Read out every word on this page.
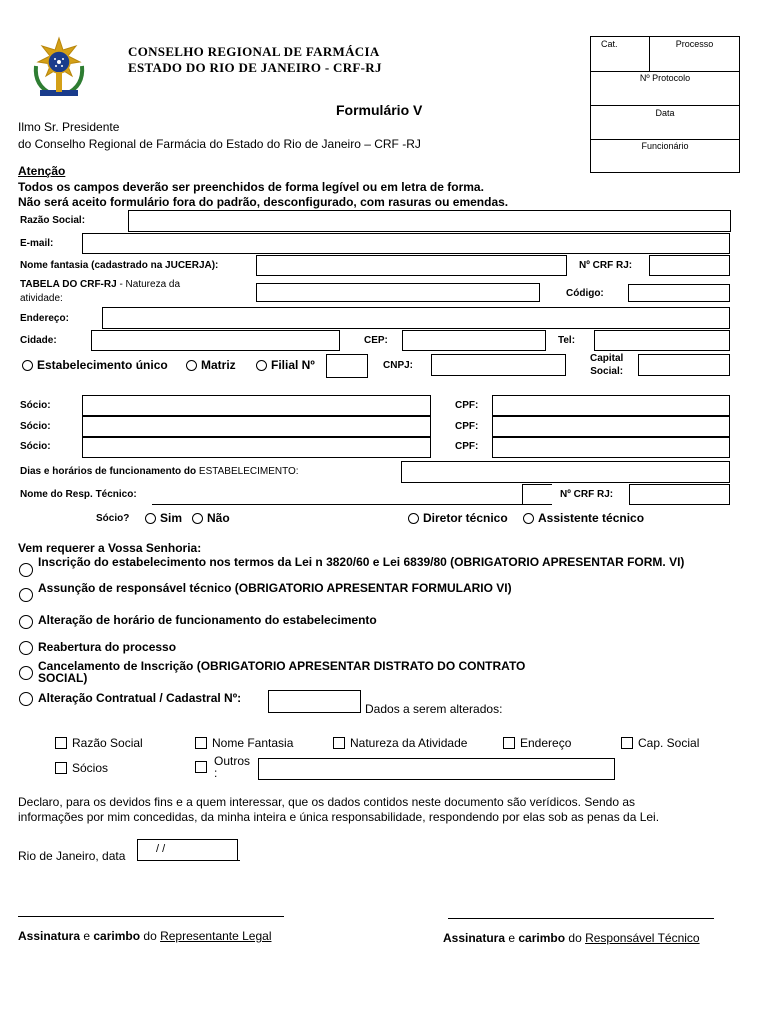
CONSELHO REGIONAL DE FARMÁCIA
ESTADO DO RIO DE JANEIRO - CRF-RJ
Cat.	Processo
Nº Protocolo
Data
Funcionário
Formulário V
Ilmo Sr. Presidente
do Conselho Regional de Farmácia do Estado do Rio de Janeiro – CRF -RJ
Atenção
Todos os campos deverão ser preenchidos de forma legível ou em letra de forma.
Não será aceito formulário fora do padrão, desconfigurado, com rasuras ou emendas.
Razão Social:
E-mail:
Nome fantasia (cadastrado na JUCERJA):	Nº CRF RJ:
TABELA DO CRF-RJ - Natureza da
atividade:	Código:
Endereço:
Cidade:	CEP:	Tel:
Estabelecimento único	Matriz	Filial Nº	CNPJ:
Capital
Social:
Sócio:	CPF:
Sócio:	CPF:
Sócio:	CPF:
Dias e horários de funcionamento do ESTABELECIMENTO:
Nome do Resp. Técnico:	Nº CRF RJ:
Sócio?	Sim Não	Diretor técnico	Assistente técnico
Vem requerer a Vossa Senhoria:
Inscrição do estabelecimento nos termos da Lei n 3820/60 e Lei 6839/80 (OBRIGATORIO APRESENTAR FORM. VI)
Assunção de responsável técnico (OBRIGATORIO APRESENTAR FORMULARIO VI)
Alteração de horário de funcionamento do estabelecimento
Reabertura do processo
Cancelamento de Inscrição (OBRIGATORIO APRESENTAR DISTRATO DO CONTRATO SOCIAL)
Alteração Contratual / Cadastral Nº:
Dados a serem alterados:
Razão Social	Nome Fantasia	Natureza da Atividade	Endereço	Cap. Social
Sócios	Outros
:
Declaro, para os devidos fins e a quem interessar, que os dados contidos neste documento são verídicos. Sendo as
informações por mim concedidas, da minha inteira e única responsabilidade, respondendo por elas sob as penas da Lei.
Rio de Janeiro, data	/ /
Assinatura e carimbo do Representante Legal	Assinatura e carimbo do Responsável Técnico
